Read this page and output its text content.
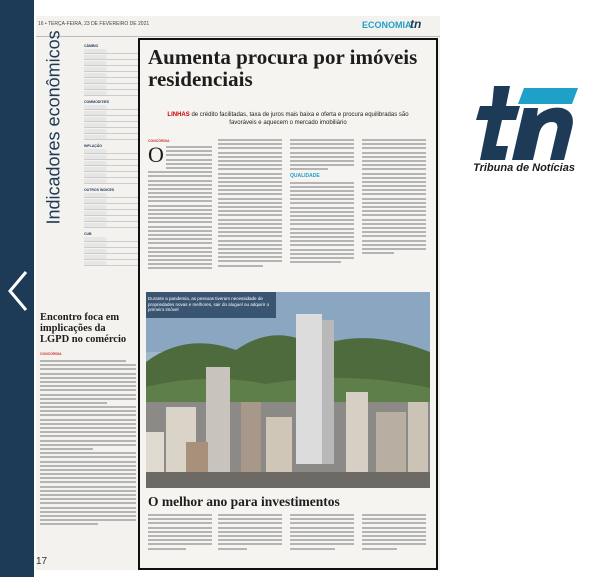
16 • TERÇA-FEIRA, 23 DE FEVEREIRO DE 2021	ECONOMIA
tn
Indicadores econômicos	CÂMBIO
COMMODITIES
INFLAÇÃO
OUTROS ÍNDICES
CUB
Encontro foca em implicações da LGPD no comércio
CONCÓRDIA
Aumenta procura por imóveis residenciais
LINHAS de crédito facilitadas, taxa de juros mais baixa e oferta e procura equilibradas são favoráveis e aquecem o mercado imobiliário
CONCÓRDIA
O
QUALIDADE
Durante a pandemia, as pessoas tiveram necessidade de propriedades novas e melhores, sair do aluguel ou adquirir o primeiro imóvel
O melhor ano para investimentos
17
Tribuna de Notícias
